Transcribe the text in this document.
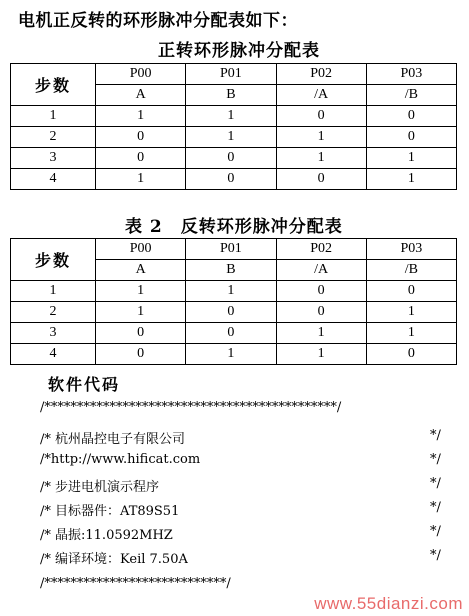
电机正反转的环形脉冲分配表如下：
正转环形脉冲分配表
步数	P00	P01	P02	P03
	A	B	/A	/B
1	1	1	0	0
2	0	1	1	0
3	0	0	1	1
4	1	0	0	1
表 2　反转环形脉冲分配表
步数	P00	P01	P02	P03
	A	B	/A	/B
1	1	1	0	0
2	1	0	0	1
3	0	0	1	1
4	0	1	1	0
软件代码
/*********************************************/
/* 杭州晶控电子有限公司	*/
/*http://www.hificat.com	*/
/* 步进电机演示程序	*/
/* 目标器件：AT89S51	*/
/* 晶振:11.0592MHZ	*/
/* 编译环境：Keil 7.50A	*/
/****************************/
www.55dianzi.com
